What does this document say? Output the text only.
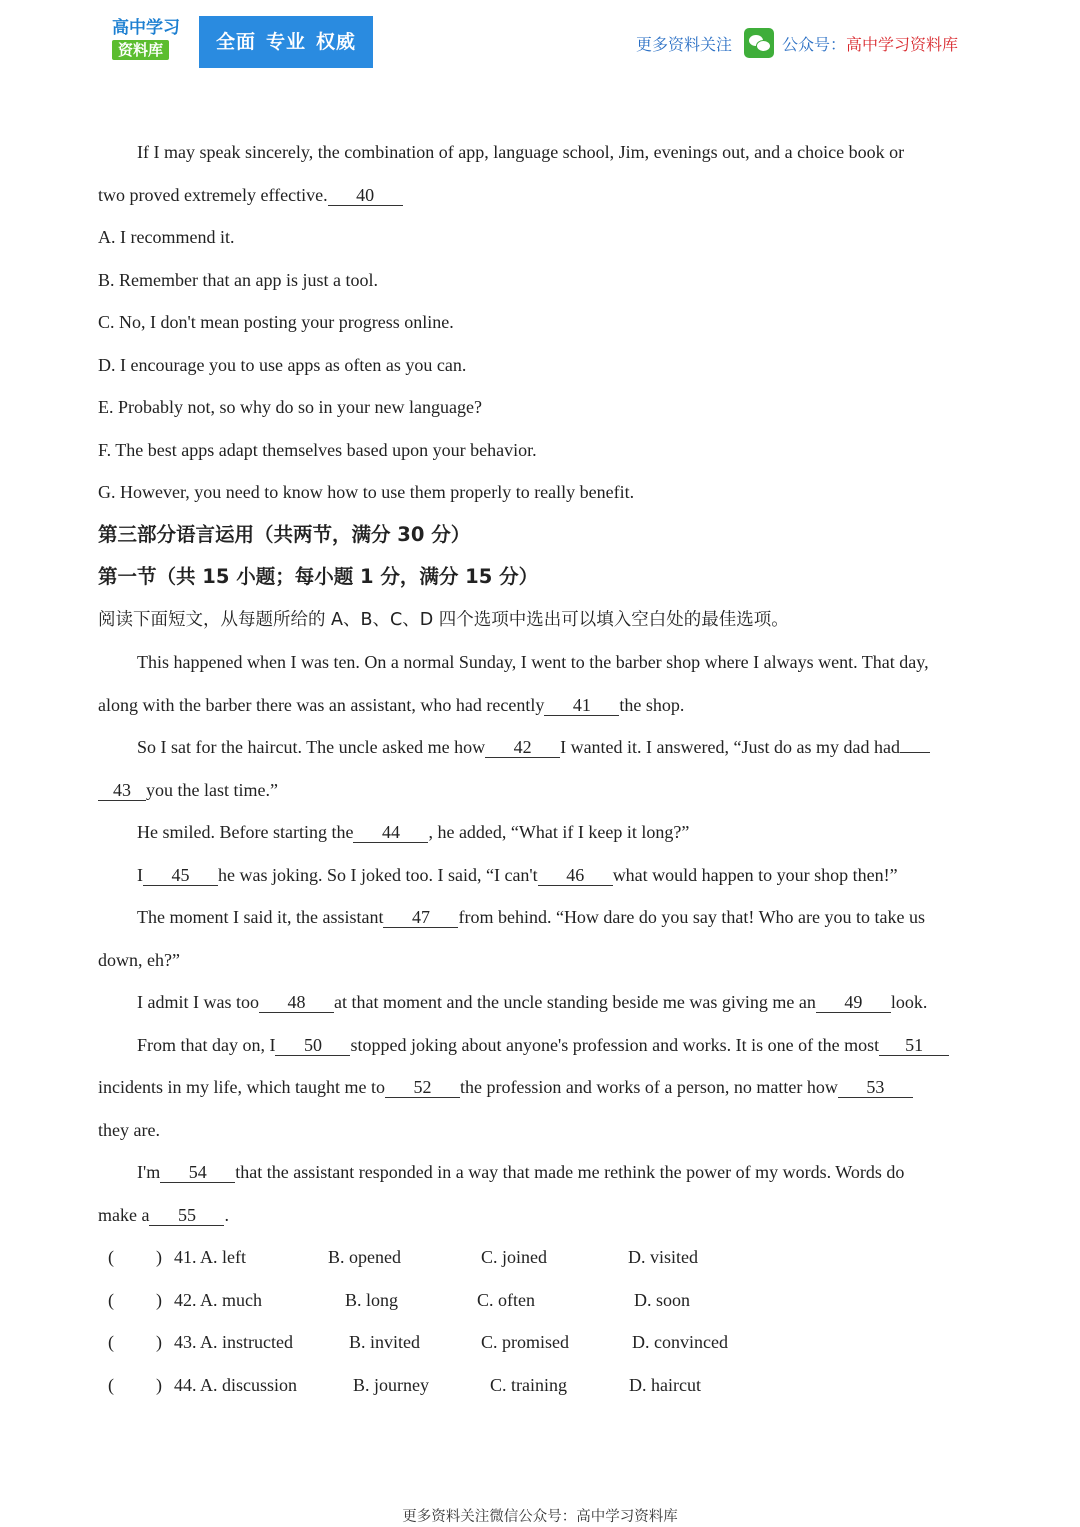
高中学习
资料库	全面 专业 权威	更多资料关注	公众号： 高中学习资料库
If I may speak sincerely, the combination of app, language school, Jim, evenings out, and a choice book or
two proved extremely effective. 40
A. I recommend it.
B. Remember that an app is just a tool.
C. No, I don't mean posting your progress online.
D. I encourage you to use apps as often as you can.
E. Probably not, so why do so in your new language?
F. The best apps adapt themselves based upon your behavior.
G. However, you need to know how to use them properly to really benefit.
第三部分语言运用（共两节，满分 30 分）
第一节（共 15 小题；每小题 1 分，满分 15 分）
阅读下面短文，从每题所给的 A、B、C、D 四个选项中选出可以填入空白处的最佳选项。
This happened when I was ten. On a normal Sunday, I went to the barber shop where I always went. That day,
along with the barber there was an assistant, who had recently 41 the shop.
So I sat for the haircut. The uncle asked me how 42 I wanted it. I answered, “Just do as my dad had
43 you the last time.”
He smiled. Before starting the 44 , he added, “What if I keep it long?”
I 45 he was joking. So I joked too. I said, “I can't 46 what would happen to your shop then!”
The moment I said it, the assistant 47 from behind. “How dare do you say that! Who are you to take us
down, eh?”
I admit I was too 48 at that moment and the uncle standing beside me was giving me an 49 look.
From that day on, I 50 stopped joking about anyone's profession and works. It is one of the most 51
incidents in my life, which taught me to 52 the profession and works of a person, no matter how 53
they are.
I'm 54 that the assistant responded in a way that made me rethink the power of my words. Words do
make a 55 .
( ) 41. A. left	B. opened	C. joined	D. visited
( ) 42. A. much	B. long	C. often	D. soon
( ) 43. A. instructed	B. invited	C. promised	D. convinced
( ) 44. A. discussion	B. journey	C. training	D. haircut
更多资料关注微信公众号：高中学习资料库
